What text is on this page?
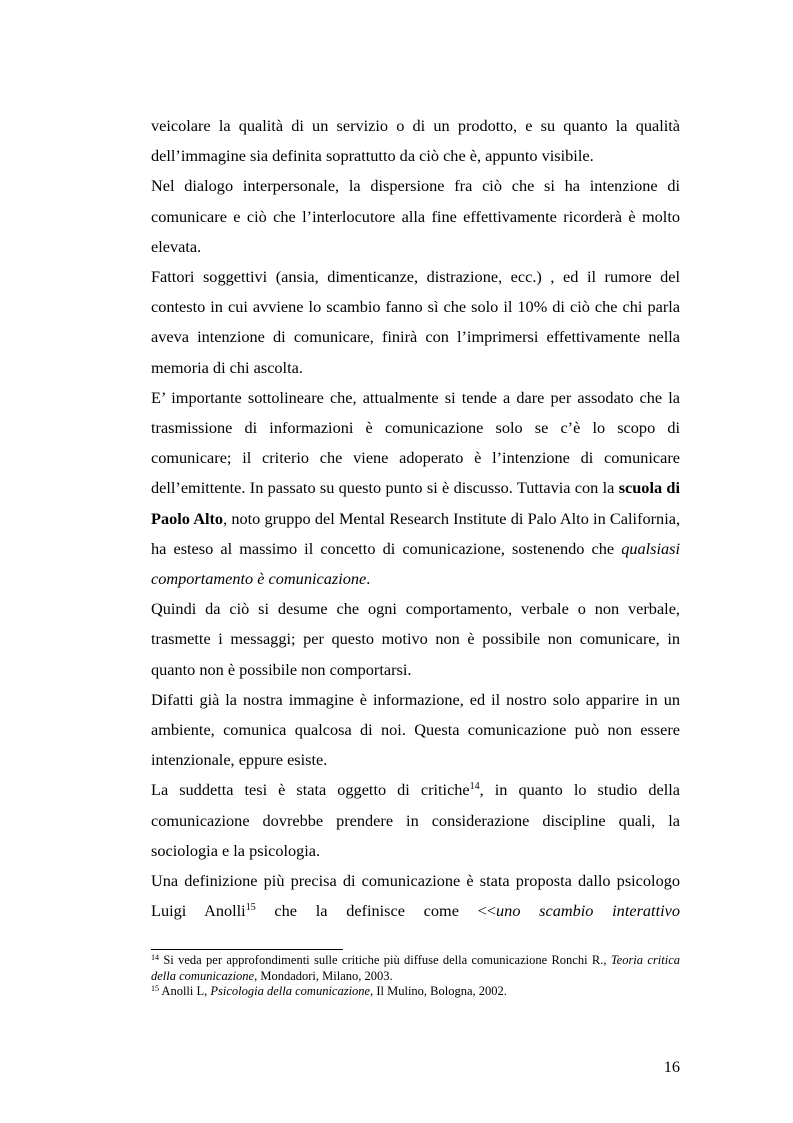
veicolare la qualità di un servizio o di un prodotto, e su quanto la qualità dell’immagine sia definita soprattutto da ciò che è, appunto visibile.

Nel dialogo interpersonale, la dispersione fra ciò che si ha intenzione di comunicare e ciò che l’interlocutore alla fine effettivamente ricorderà è molto elevata.

Fattori soggettivi (ansia, dimenticanze, distrazione, ecc.) , ed il rumore del contesto in cui avviene lo scambio fanno sì che solo il 10% di ciò che chi parla aveva intenzione di comunicare, finirà con l’imprimersi effettivamente nella memoria di chi ascolta.

E’ importante sottolineare che, attualmente si tende a dare per assodato che la trasmissione di informazioni è comunicazione solo se c’è lo scopo di comunicare; il criterio che viene adoperato è l’intenzione di comunicare dell’emittente. In passato su questo punto si è discusso. Tuttavia con la scuola di Paolo Alto, noto gruppo del Mental Research Institute di Palo Alto in California, ha esteso al massimo il concetto di comunicazione, sostenendo che qualsiasi comportamento è comunicazione.

Quindi da ciò si desume che ogni comportamento, verbale o non verbale, trasmette i messaggi; per questo motivo non è possibile non comunicare, in quanto non è possibile non comportarsi.

Difatti già la nostra immagine è informazione, ed il nostro solo apparire in un ambiente, comunica qualcosa di noi. Questa comunicazione può non essere intenzionale, eppure esiste.

La suddetta tesi è stata oggetto di critiche$^{14}$, in quanto lo studio della comunicazione dovrebbe prendere in considerazione discipline quali, la sociologia e la psicologia.

Una definizione più precisa di comunicazione è stata proposta dallo psicologo Luigi Anolli$^{15}$ che la definisce come <<uno scambio interattivo

$^{14}$ Si veda per approfondimenti sulle critiche più diffuse della comunicazione Ronchi R., Teoria critica della comunicazione, Mondadori, Milano, 2003.

$^{15}$ Anolli L, Psicologia della comunicazione, Il Mulino, Bologna, 2002.

16
